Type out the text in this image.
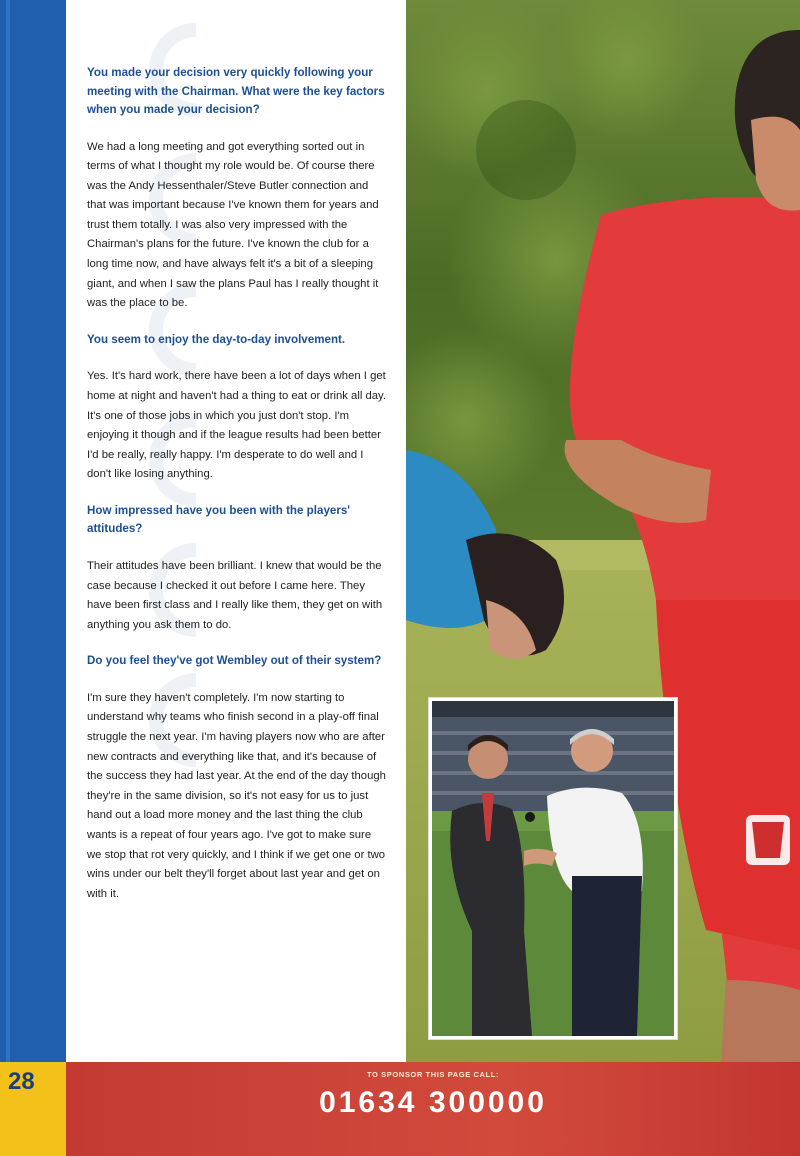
You made your decision very quickly following your meeting with the Chairman. What were the key factors when you made your decision?

We had a long meeting and got everything sorted out in terms of what I thought my role would be. Of course there was the Andy Hessenthaler/Steve Butler connection and that was important because I've known them for years and trust them totally. I was also very impressed with the Chairman's plans for the future. I've known the club for a long time now, and have always felt it's a bit of a sleeping giant, and when I saw the plans Paul has I really thought it was the place to be.

You seem to enjoy the day-to-day involvement.

Yes. It's hard work, there have been a lot of days when I get home at night and haven't had a thing to eat or drink all day. It's one of those jobs in which you just don't stop. I'm enjoying it though and if the league results had been better I'd be really, really happy. I'm desperate to do well and I don't like losing anything.

How impressed have you been with the players' attitudes?

Their attitudes have been brilliant. I knew that would be the case because I checked it out before I came here. They have been first class and I really like them, they get on with anything you ask them to do.

Do you feel they've got Wembley out of their system?

I'm sure they haven't completely. I'm now starting to understand why teams who finish second in a play-off final struggle the next year. I'm having players now who are after new contracts and everything like that, and it's because of the success they had last year. At the end of the day though they're in the same division, so it's not easy for us to just hand out a load more money and the last thing the club wants is a repeat of four years ago. I've got to make sure we stop that rot very quickly, and I think if we get one or two wins under our belt they'll forget about last year and get on with it.

TO SPONSOR THIS PAGE CALL:
01634 300000
28
